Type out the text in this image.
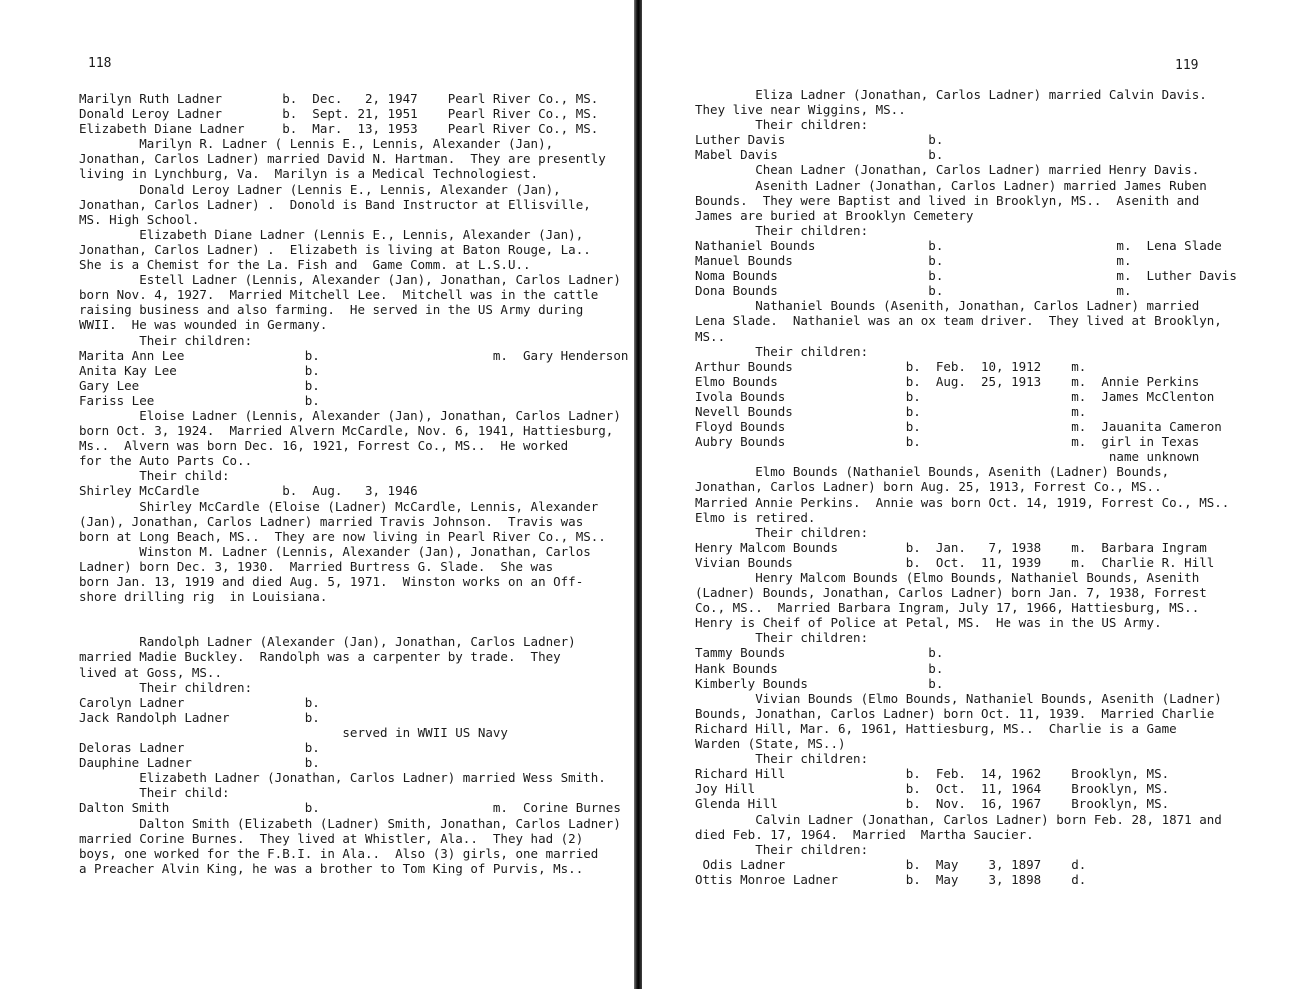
118
Marilyn Ruth Ladner        b.  Dec.   2, 1947    Pearl River Co., MS.
Donald Leroy Ladner        b.  Sept. 21, 1951    Pearl River Co., MS.
Elizabeth Diane Ladner     b.  Mar.  13, 1953    Pearl River Co., MS.
Marilyn R. Ladner ( Lennis E., Lennis, Alexander (Jan),
Jonathan, Carlos Ladner) married David N. Hartman.  They are presently
living in Lynchburg, Va.  Marilyn is a Medical Technologiest.
Donald Leroy Ladner (Lennis E., Lennis, Alexander (Jan),
Jonathan, Carlos Ladner) .  Donold is Band Instructor at Ellisville,
MS. High School.
Elizabeth Diane Ladner (Lennis E., Lennis, Alexander (Jan),
Jonathan, Carlos Ladner) .  Elizabeth is living at Baton Rouge, La..
She is a Chemist for the La. Fish and  Game Comm. at L.S.U..
Estell Ladner (Lennis, Alexander (Jan), Jonathan, Carlos Ladner)
born Nov. 4, 1927.  Married Mitchell Lee.  Mitchell was in the cattle
raising business and also farming.  He served in the US Army during
WWII.  He was wounded in Germany.
Their children:
Marita Ann Lee                b.                       m.  Gary Henderson
Anita Kay Lee                 b.
Gary Lee                      b.
Fariss Lee                    b.
Eloise Ladner (Lennis, Alexander (Jan), Jonathan, Carlos Ladner)
born Oct. 3, 1924.  Married Alvern McCardle, Nov. 6, 1941, Hattiesburg,
Ms..  Alvern was born Dec. 16, 1921, Forrest Co., MS..  He worked
for the Auto Parts Co..
Their child:
Shirley McCardle           b.  Aug.   3, 1946
Shirley McCardle (Eloise (Ladner) McCardle, Lennis, Alexander
(Jan), Jonathan, Carlos Ladner) married Travis Johnson.  Travis was
born at Long Beach, MS..  They are now living in Pearl River Co., MS..
Winston M. Ladner (Lennis, Alexander (Jan), Jonathan, Carlos
Ladner) born Dec. 3, 1930.  Married Burtress G. Slade.  She was
born Jan. 13, 1919 and died Aug. 5, 1971.  Winston works on an Off-
shore drilling rig  in Louisiana.
Randolph Ladner (Alexander (Jan), Jonathan, Carlos Ladner)
married Madie Buckley.  Randolph was a carpenter by trade.  They
lived at Goss, MS..
Their children:
Carolyn Ladner                b.
Jack Randolph Ladner          b.
served in WWII US Navy
Deloras Ladner                b.
Dauphine Ladner               b.
Elizabeth Ladner (Jonathan, Carlos Ladner) married Wess Smith.
Their child:
Dalton Smith                  b.                       m.  Corine Burnes
Dalton Smith (Elizabeth (Ladner) Smith, Jonathan, Carlos Ladner)
married Corine Burnes.  They lived at Whistler, Ala..  They had (2)
boys, one worked for the F.B.I. in Ala..  Also (3) girls, one married
a Preacher Alvin King, he was a brother to Tom King of Purvis, Ms..
119
Eliza Ladner (Jonathan, Carlos Ladner) married Calvin Davis.
They live near Wiggins, MS..
Their children:
Luther Davis                   b.
Mabel Davis                    b.
Chean Ladner (Jonathan, Carlos Ladner) married Henry Davis.
Asenith Ladner (Jonathan, Carlos Ladner) married James Ruben
Bounds.  They were Baptist and lived in Brooklyn, MS..  Asenith and
James are buried at Brooklyn Cemetery
Their children:
Nathaniel Bounds               b.                       m.  Lena Slade
Manuel Bounds                  b.                       m.
Noma Bounds                    b.                       m.  Luther Davis
Dona Bounds                    b.                       m.
Nathaniel Bounds (Asenith, Jonathan, Carlos Ladner) married
Lena Slade.  Nathaniel was an ox team driver.  They lived at Brooklyn,
MS..
Their children:
Arthur Bounds               b.  Feb.  10, 1912    m.
Elmo Bounds                 b.  Aug.  25, 1913    m.  Annie Perkins
Ivola Bounds                b.                    m.  James McClenton
Nevell Bounds               b.                    m.
Floyd Bounds                b.                    m.  Jauanita Cameron
Aubry Bounds                b.                    m.  girl in Texas
name unknown
Elmo Bounds (Nathaniel Bounds, Asenith (Ladner) Bounds,
Jonathan, Carlos Ladner) born Aug. 25, 1913, Forrest Co., MS..
Married Annie Perkins.  Annie was born Oct. 14, 1919, Forrest Co., MS..
Elmo is retired.
Their children:
Henry Malcom Bounds         b.  Jan.   7, 1938    m.  Barbara Ingram
Vivian Bounds               b.  Oct.  11, 1939    m.  Charlie R. Hill
Henry Malcom Bounds (Elmo Bounds, Nathaniel Bounds, Asenith
(Ladner) Bounds, Jonathan, Carlos Ladner) born Jan. 7, 1938, Forrest
Co., MS..  Married Barbara Ingram, July 17, 1966, Hattiesburg, MS..
Henry is Cheif of Police at Petal, MS.  He was in the US Army.
Their children:
Tammy Bounds                   b.
Hank Bounds                    b.
Kimberly Bounds                b.
Vivian Bounds (Elmo Bounds, Nathaniel Bounds, Asenith (Ladner)
Bounds, Jonathan, Carlos Ladner) born Oct. 11, 1939.  Married Charlie
Richard Hill, Mar. 6, 1961, Hattiesburg, MS..  Charlie is a Game
Warden (State, MS..)
Their children:
Richard Hill                b.  Feb.  14, 1962    Brooklyn, MS.
Joy Hill                    b.  Oct.  11, 1964    Brooklyn, MS.
Glenda Hill                 b.  Nov.  16, 1967    Brooklyn, MS.
Calvin Ladner (Jonathan, Carlos Ladner) born Feb. 28, 1871 and
died Feb. 17, 1964.  Married  Martha Saucier.
Their children:
Odis Ladner                b.  May    3, 1897    d.
Ottis Monroe Ladner         b.  May    3, 1898    d.
